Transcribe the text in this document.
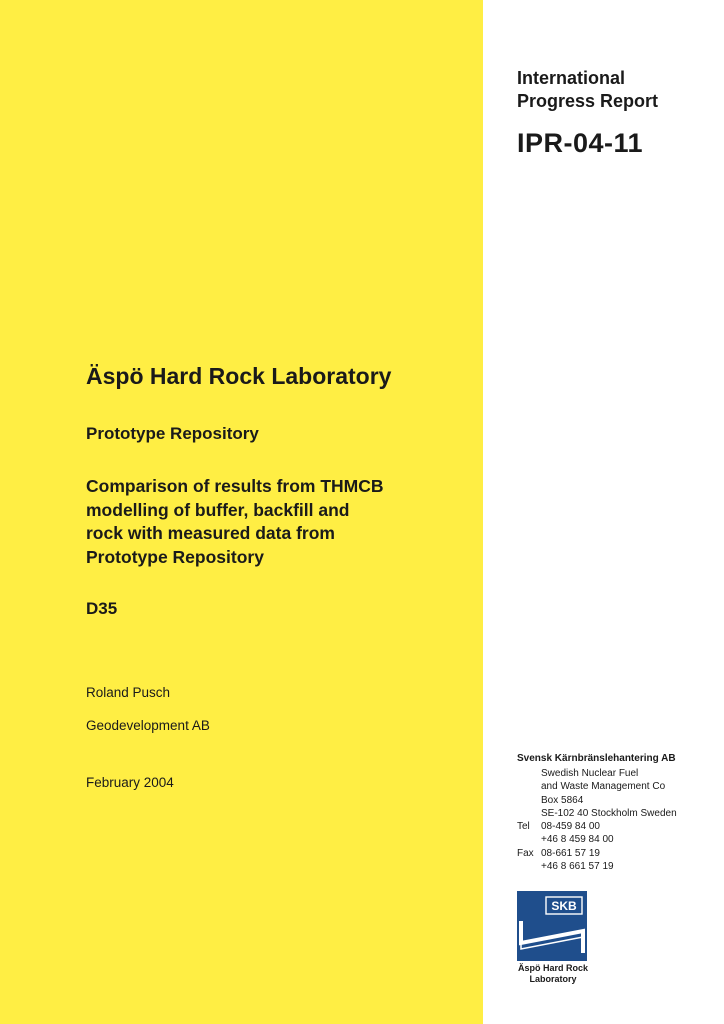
International
Progress Report
IPR-04-11
Äspö Hard Rock Laboratory
Prototype Repository
Comparison of results from THMCB
modelling of buffer, backfill and
rock with measured data from
Prototype Repository
D35
Roland Pusch
Geodevelopment AB
February 2004
Svensk Kärnbränslehantering AB
Swedish Nuclear Fuel
and Waste Management Co
Box 5864
SE-102 40 Stockholm Sweden
Tel	08-459 84 00
+46 8 459 84 00
Fax 08-661 57 19
+46 8 661 57 19
SKB
Äspö Hard Rock
Laboratory
